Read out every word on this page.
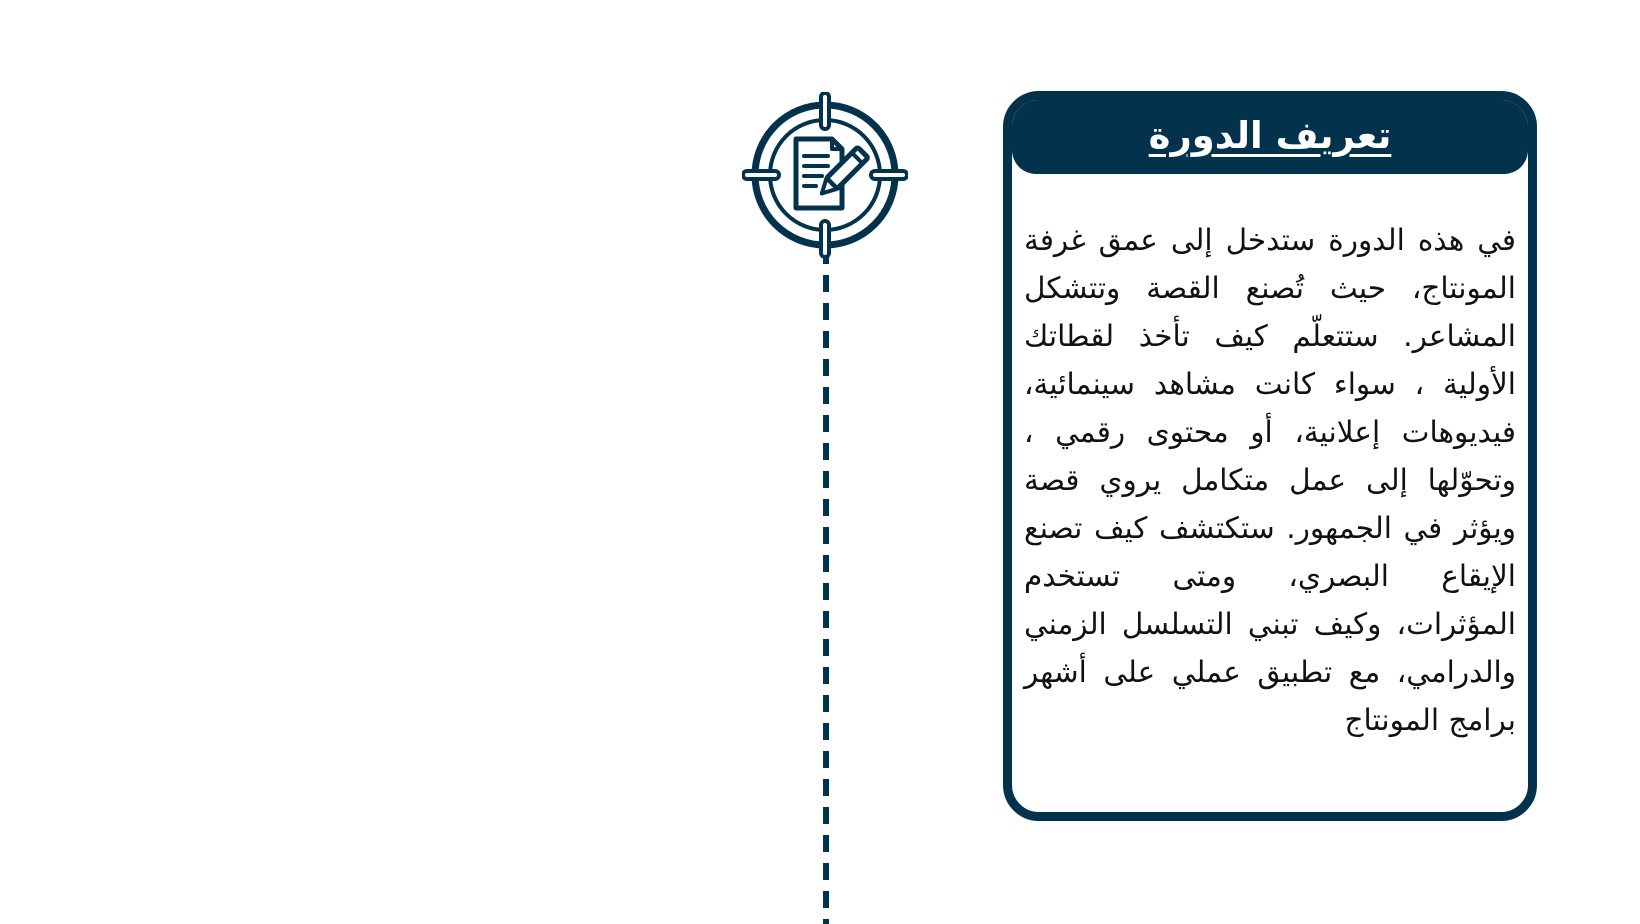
تعريف الدورة

في هذه الدورة ستدخل إلى عمق غرفة المونتاج، حيث تُصنع القصة وتتشكل المشاعر. ستتعلّم كيف تأخذ لقطاتك الأولية ، سواء كانت مشاهد سينمائية، فيديوهات إعلانية، أو محتوى رقمي ، وتحوّلها إلى عمل متكامل يروي قصة ويؤثر في الجمهور. ستكتشف كيف تصنع الإيقاع البصري، ومتى تستخدم المؤثرات، وكيف تبني التسلسل الزمني والدرامي، مع تطبيق عملي على أشهر برامج المونتاج
